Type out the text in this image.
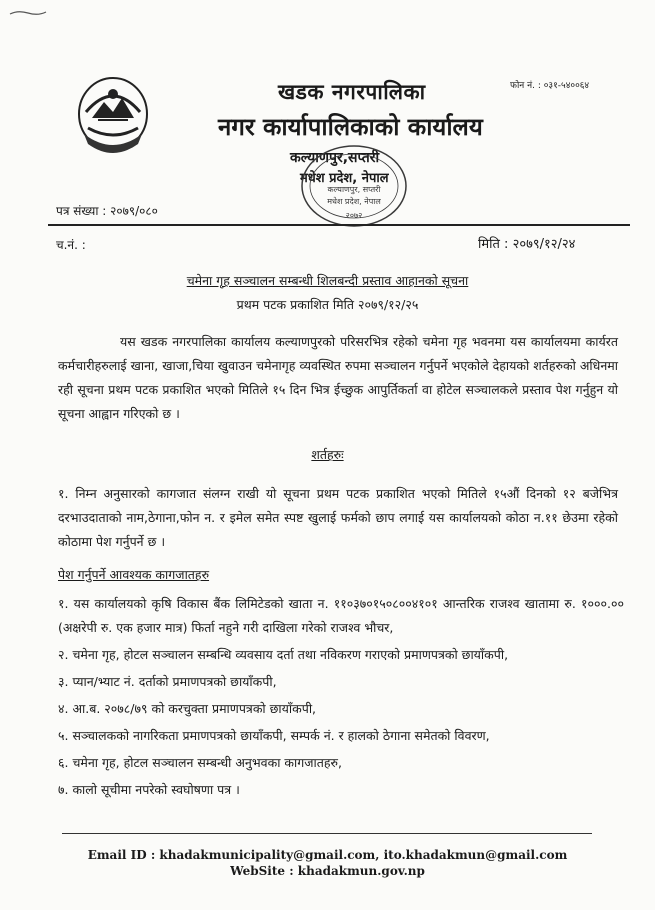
फोन नं. : ०३१-५४००६४
खडक नगरपालिका
नगर कार्यापालिकाको कार्यालय
कल्याणपुर,सप्तरी
मधेश प्रदेश, नेपाल
कल्याणपुर, सप्तरी
मधेश प्रदेश, नेपाल
२०७२
पत्र संख्या : २०७९/०८०
च.नं. :	मिति : २०७९/१२/२४
चमेना गृह सञ्चालन सम्बन्धी शिलबन्दी प्रस्ताव आहानको सूचना
प्रथम पटक प्रकाशित मिति २०७९/१२/२५
यस खडक नगरपालिका कार्यालय कल्याणपुरको परिसरभित्र रहेको चमेना गृह भवनमा यस कार्यालयमा कार्यरत कर्मचारीहरुलाई खाना, खाजा,चिया खुवाउन चमेनागृह व्यवस्थित रुपमा सञ्चालन गर्नुपर्ने भएकोले देहायको शर्तहरुको अधिनमा रही सूचना प्रथम पटक प्रकाशित भएको मितिले १५ दिन भित्र ईच्छुक आपुर्तिकर्ता वा होटेल सञ्चालकले प्रस्ताव पेश गर्नुहुन यो सूचना आह्वान गरिएको छ ।
शर्तहरुः
१. निम्न अनुसारको कागजात संलग्न राखी यो सूचना प्रथम पटक प्रकाशित भएको मितिले १५औं दिनको १२ बजेभित्र दरभाउदाताको नाम,ठेगाना,फोन न. र इमेल समेत स्पष्ट खुलाई फर्मको छाप लगाई यस कार्यालयको कोठा न.११ छेउमा रहेको कोठामा पेश गर्नुपर्ने छ ।
पेश गर्नुपर्ने आवश्यक कागजातहरु
१. यस कार्यालयको कृषि विकास बैंक लिमिटेडको खाता न. ११०३७०१५०८००४१०१ आन्तरिक राजश्व खातामा रु. १०००.०० (अक्षरेपी रु. एक हजार मात्र) फिर्ता नहुने गरी दाखिला गरेको राजश्व भौचर,
२. चमेना गृह, होटल सञ्चालन सम्बन्धि व्यवसाय दर्ता तथा नविकरण गराएको प्रमाणपत्रको छायाँकपी,
३. प्यान/भ्याट नं. दर्ताको प्रमाणपत्रको छायाँकपी,
४. आ.ब. २०७८/७९ को करचुक्ता प्रमाणपत्रको छायाँकपी,
५. सञ्चालकको नागरिकता प्रमाणपत्रको छायाँकपी, सम्पर्क नं. र हालको ठेगाना समेतको विवरण,
६. चमेना गृह, होटल सञ्चालन सम्बन्धी अनुभवका कागजातहरु,
७. कालो सूचीमा नपरेको स्वघोषणा पत्र ।
Email ID : khadakmunicipality@gmail.com, ito.khadakmun@gmail.com
WebSite : khadakmun.gov.np
